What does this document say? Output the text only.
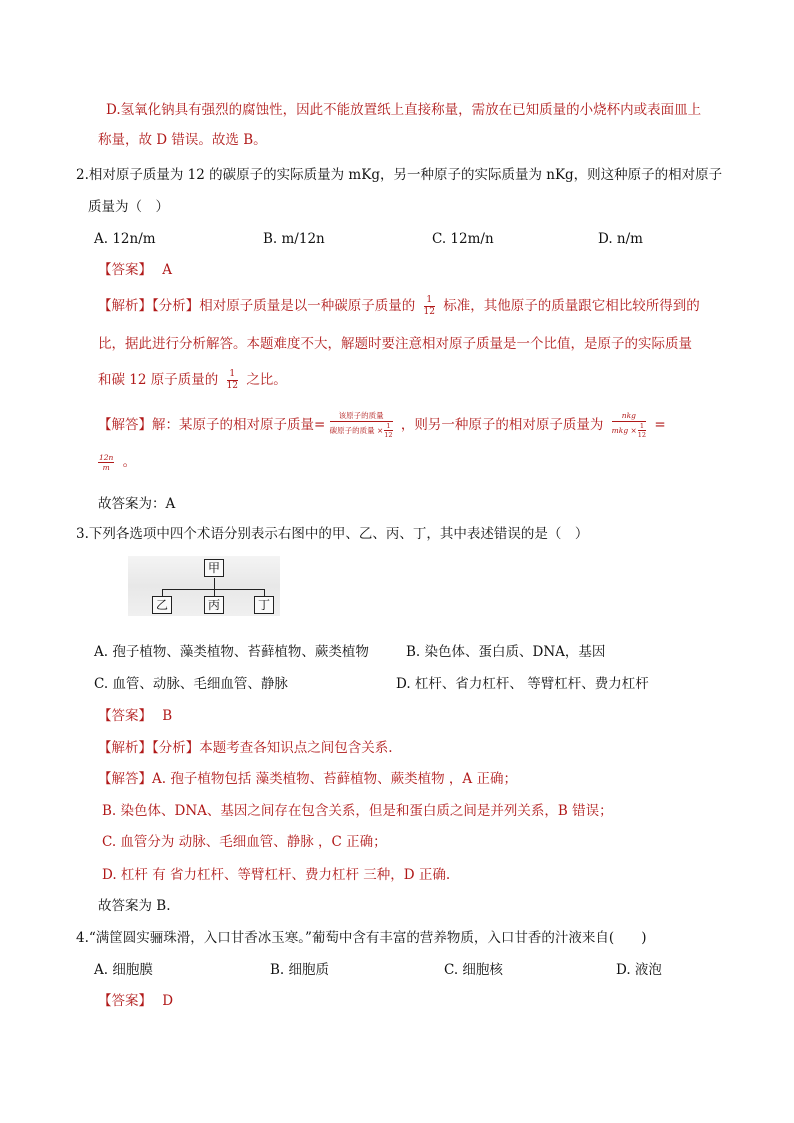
D.氢氧化钠具有强烈的腐蚀性，因此不能放置纸上直接称量，需放在已知质量的小烧杯内或表面皿上
称量，故 D 错误。故选 B。
2.相对原子质量为 12 的碳原子的实际质量为 mKg，另一种原子的实际质量为 nKg，则这种原子的相对原子
质量为（　）
A. 12n/m	B. m/12n	C. 12m/n	D. n/m
【答案】 A
【解析】【分析】相对原子质量是以一种碳原子质量的 $\frac{1}{12}$ 标准，其他原子的质量跟它相比较所得到的
比，据此进行分析解答。本题难度不大，解题时要注意相对原子质量是一个比值，是原子的实际质量
和碳 12 原子质量的 $\frac{1}{12}$ 之比。
【解答】解：某原子的相对原子质量= $\frac{\text{该原子的质量}}{碳原子的质量 \times \frac{1}{12}}$ ，则另一种原子的相对原子质量为 $\frac{\text{nkg}}{mkg \times \frac{1}{12}}$ =
$\frac{12n}{m}$ 。
故答案为：A
3.下列各选项中四个术语分别表示右图中的甲、乙、丙、丁，其中表述错误的是（　）
甲
乙	丙	丁
A. 孢子植物、藻类植物、苔藓植物、蕨类植物	B. 染色体、蛋白质、DNA，基因
C. 血管、动脉、毛细血管、静脉	D. 杠杆、省力杠杆、 等臂杠杆、费力杠杆
【答案】 B
【解析】【分析】本题考查各知识点之间包含关系.
【解答】A. 孢子植物包括 藻类植物、苔藓植物、蕨类植物 ，A 正确；
B. 染色体、DNA、基因之间存在包含关系，但是和蛋白质之间是并列关系，B 错误；
C. 血管分为 动脉、毛细血管、静脉 ，C 正确；
D. 杠杆 有 省力杠杆、等臂杠杆、费力杠杆 三种，D 正确.
故答案为 B.
4.“满筐圆实骊珠滑，入口甘香冰玉寒。”葡萄中含有丰富的营养物质，入口甘香的汁液来自(　　)
A. 细胞膜	B. 细胞质	C. 细胞核	D. 液泡
【答案】 D
